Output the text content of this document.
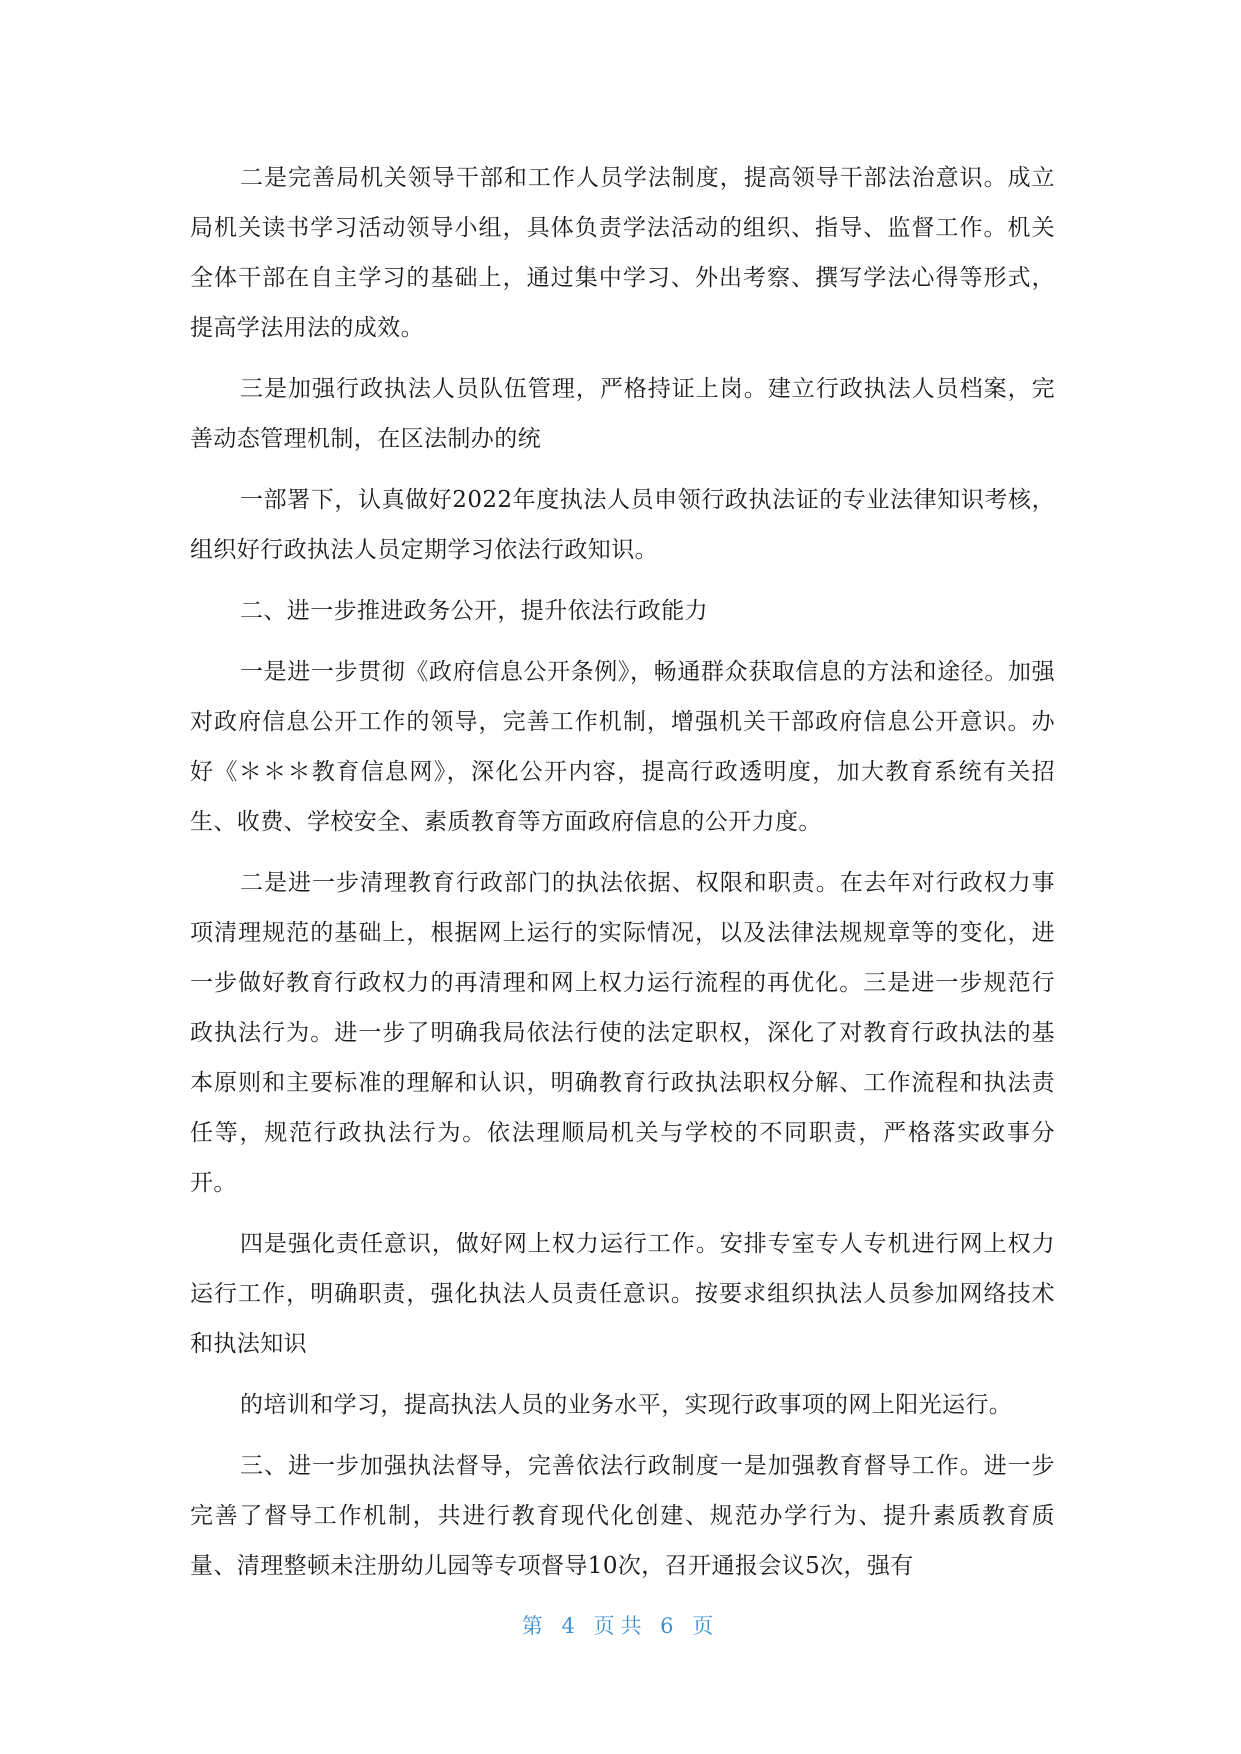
二是完善局机关领导干部和工作人员学法制度，提高领导干部法治意识。成立局机关读书学习活动领导小组，具体负责学法活动的组织、指导、监督工作。机关全体干部在自主学习的基础上，通过集中学习、外出考察、撰写学法心得等形式，提高学法用法的成效。

三是加强行政执法人员队伍管理，严格持证上岗。建立行政执法人员档案，完善动态管理机制，在区法制办的统

一部署下，认真做好2022年度执法人员申领行政执法证的专业法律知识考核，组织好行政执法人员定期学习依法行政知识。

二、进一步推进政务公开，提升依法行政能力

一是进一步贯彻《政府信息公开条例》，畅通群众获取信息的方法和途径。加强对政府信息公开工作的领导，完善工作机制，增强机关干部政府信息公开意识。办好《＊＊＊教育信息网》，深化公开内容，提高行政透明度，加大教育系统有关招生、收费、学校安全、素质教育等方面政府信息的公开力度。

二是进一步清理教育行政部门的执法依据、权限和职责。在去年对行政权力事项清理规范的基础上，根据网上运行的实际情况，以及法律法规规章等的变化，进一步做好教育行政权力的再清理和网上权力运行流程的再优化。三是进一步规范行政执法行为。进一步了明确我局依法行使的法定职权，深化了对教育行政执法的基本原则和主要标准的理解和认识，明确教育行政执法职权分解、工作流程和执法责任等，规范行政执法行为。依法理顺局机关与学校的不同职责，严格落实政事分开。

四是强化责任意识，做好网上权力运行工作。安排专室专人专机进行网上权力运行工作，明确职责，强化执法人员责任意识。按要求组织执法人员参加网络技术和执法知识

的培训和学习，提高执法人员的业务水平，实现行政事项的网上阳光运行。

三、进一步加强执法督导，完善依法行政制度一是加强教育督导工作。进一步完善了督导工作机制，共进行教育现代化创建、规范办学行为、提升素质教育质量、清理整顿未注册幼儿园等专项督导10次，召开通报会议5次，强有

第 4 页共 6 页
